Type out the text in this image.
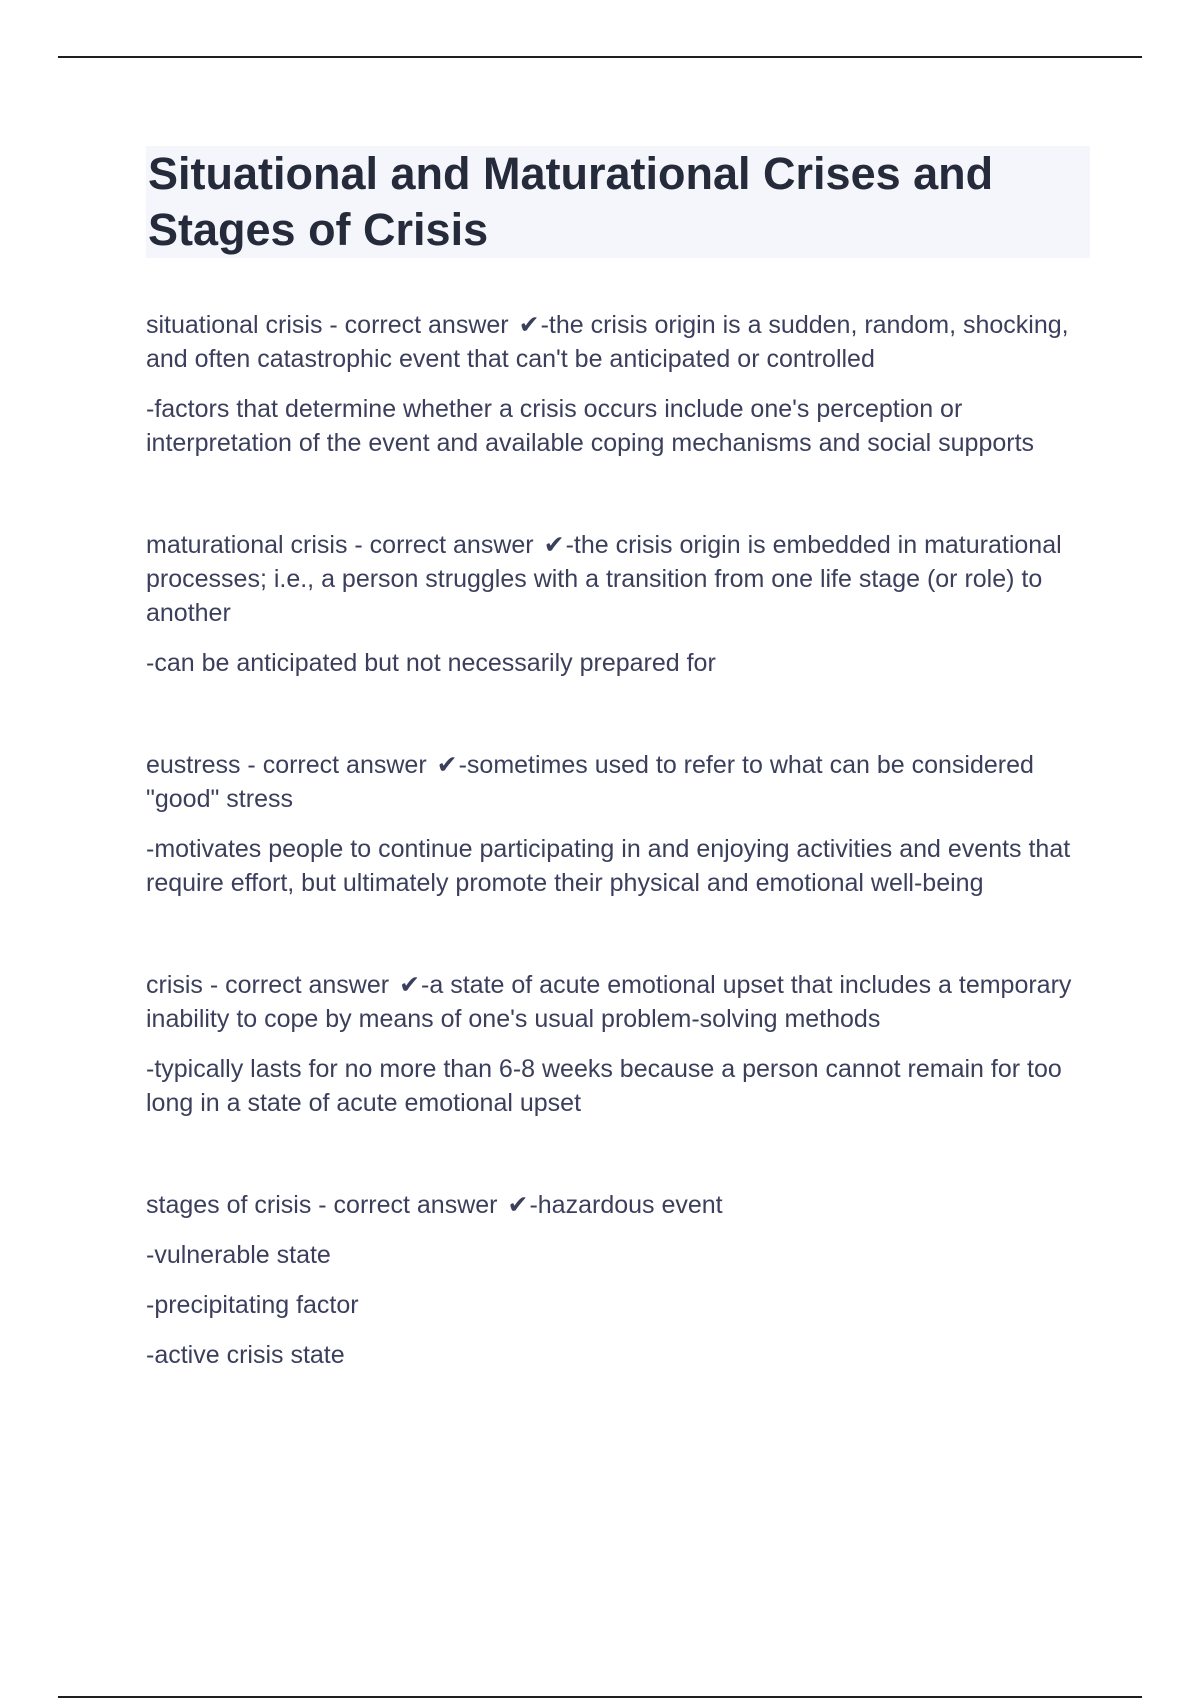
Situational and Maturational Crises and Stages of Crisis

situational crisis - correct answer ✔-the crisis origin is a sudden, random, shocking, and often catastrophic event that can't be anticipated or controlled

-factors that determine whether a crisis occurs include one's perception or interpretation of the event and available coping mechanisms and social supports

maturational crisis - correct answer ✔-the crisis origin is embedded in maturational processes; i.e., a person struggles with a transition from one life stage (or role) to another

-can be anticipated but not necessarily prepared for

eustress - correct answer ✔-sometimes used to refer to what can be considered "good" stress

-motivates people to continue participating in and enjoying activities and events that require effort, but ultimately promote their physical and emotional well-being

crisis - correct answer ✔-a state of acute emotional upset that includes a temporary inability to cope by means of one's usual problem-solving methods

-typically lasts for no more than 6-8 weeks because a person cannot remain for too long in a state of acute emotional upset

stages of crisis - correct answer ✔-hazardous event

-vulnerable state

-precipitating factor

-active crisis state
